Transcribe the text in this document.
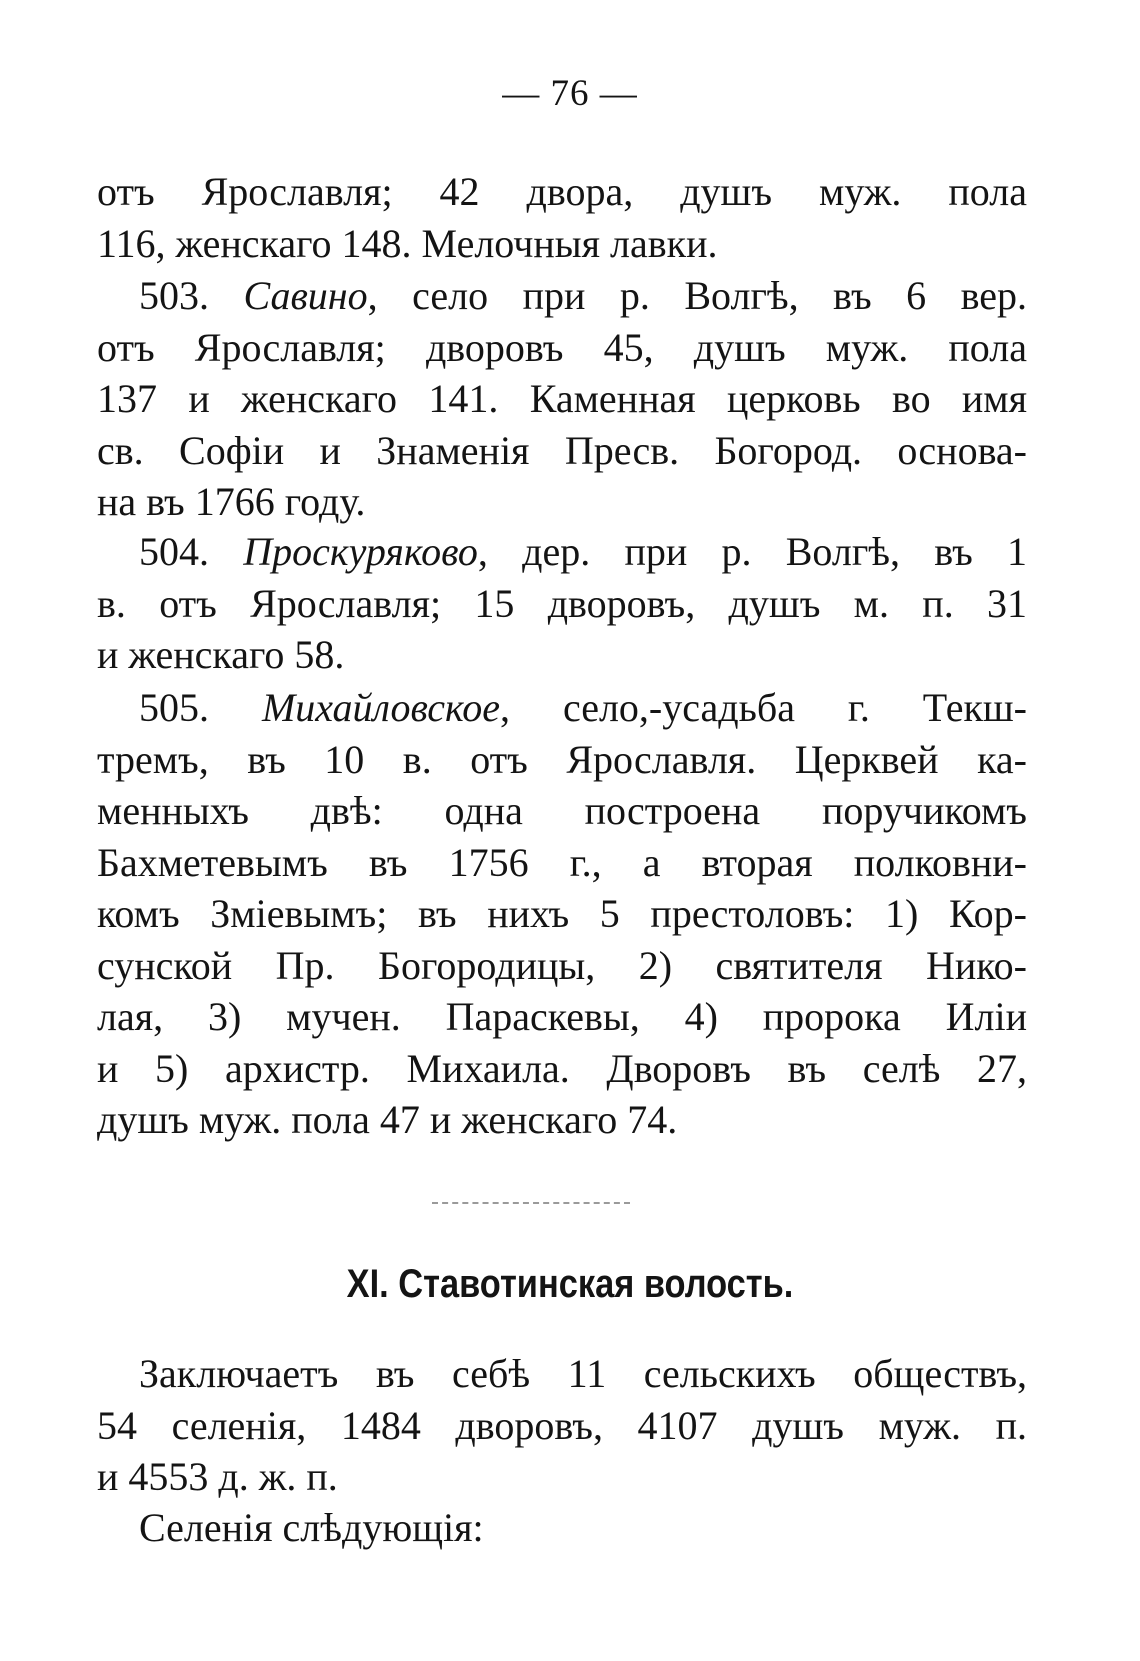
— 76 —
отъ Ярославля; 42 двора, душъ муж. пола
116, женскаго 148. Мелочныя лавки.
503. Савино, село при р. Волгѣ, въ 6 вер.
отъ Ярославля; дворовъ 45, душъ муж. пола
137 и женскаго 141. Каменная церковь во имя
св. Софіи и Знаменія Пресв. Богород. основа-
на въ 1766 году.
504. Проскуряково, дер. при р. Волгѣ, въ 1
в. отъ Ярославля; 15 дворовъ, душъ м. п. 31
и женскаго 58.
505. Михайловское, село,-усадьба г. Текш-
тремъ, въ 10 в. отъ Ярославля. Церквей ка-
менныхъ двѣ: одна построена поручикомъ
Бахметевымъ въ 1756 г., а вторая полковни-
комъ Зміевымъ; въ нихъ 5 престоловъ: 1) Кор-
сунской Пр. Богородицы, 2) святителя Нико-
лая, 3) мучен. Параскевы, 4) пророка Иліи
и 5) архистр. Михаила. Дворовъ въ селѣ 27,
душъ муж. пола 47 и женскаго 74.
XI. Ставотинская волость.
Заключаетъ въ себѣ 11 сельскихъ обществъ,
54 селенія, 1484 дворовъ, 4107 душъ муж. п.
и 4553 д. ж. п.
Селенія слѣдующія:
